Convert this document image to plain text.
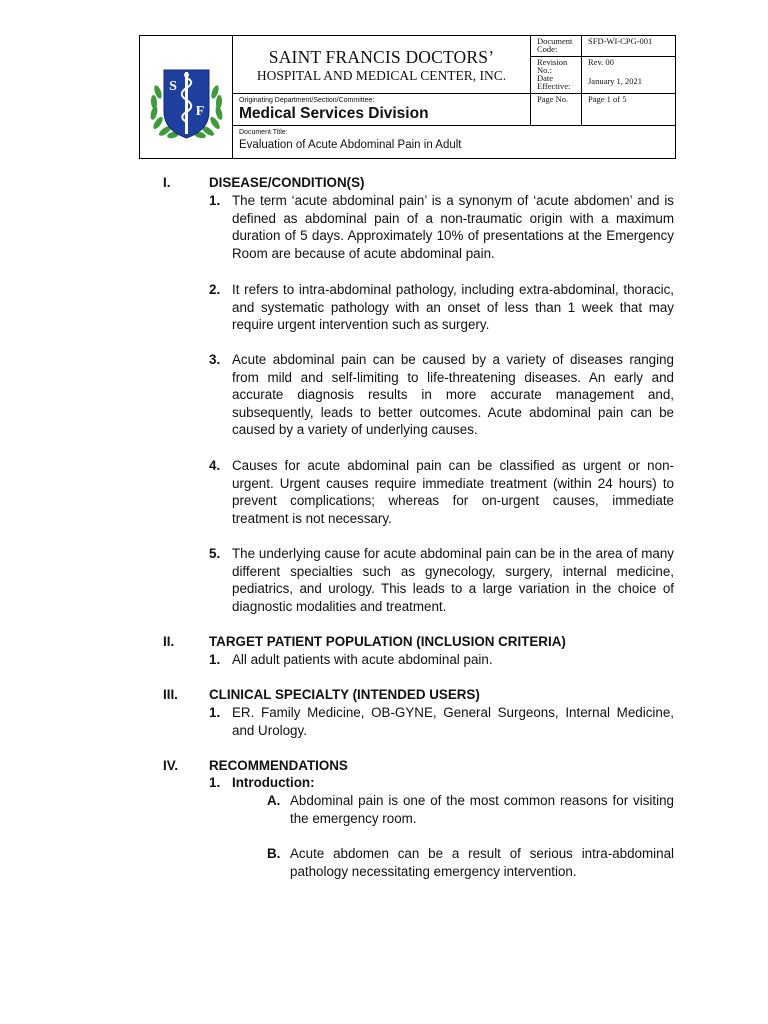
S
F
SAINT FRANCIS DOCTORS’
HOSPITAL AND MEDICAL CENTER, INC.
Originating Department/Section/Committee:
Medical Services Division
Document Title:
Evaluation of Acute Abdominal Pain in Adult
Document Code:
Revision No.:
Date Effective:
Page No.
SFD-WI-CPG-001
Rev. 00
January 1, 2021
Page 1 of 5
I.	DISEASE/CONDITION(S)
1. The term ‘acute abdominal pain’ is a synonym of ‘acute abdomen’ and is defined as abdominal pain of a non-traumatic origin with a maximum duration of 5 days. Approximately 10% of presentations at the Emergency Room are because of acute abdominal pain.
2. It refers to intra-abdominal pathology, including extra-abdominal, thoracic, and systematic pathology with an onset of less than 1 week that may require urgent intervention such as surgery.
3. Acute abdominal pain can be caused by a variety of diseases ranging from mild and self-limiting to life-threatening diseases. An early and accurate diagnosis results in more accurate management and, subsequently, leads to better outcomes. Acute abdominal pain can be caused by a variety of underlying causes.
4. Causes for acute abdominal pain can be classified as urgent or non-urgent. Urgent causes require immediate treatment (within 24 hours) to prevent complications; whereas for on-urgent causes, immediate treatment is not necessary.
5. The underlying cause for acute abdominal pain can be in the area of many different specialties such as gynecology, surgery, internal medicine, pediatrics, and urology. This leads to a large variation in the choice of diagnostic modalities and treatment.
II.	TARGET PATIENT POPULATION (INCLUSION CRITERIA)
1. All adult patients with acute abdominal pain.
III. CLINICAL SPECIALTY (INTENDED USERS)
1. ER. Family Medicine, OB-GYNE, General Surgeons, Internal Medicine, and Urology.
IV. RECOMMENDATIONS
1. Introduction:
A. Abdominal pain is one of the most common reasons for visiting the emergency room.
B. Acute abdomen can be a result of serious intra-abdominal pathology necessitating emergency intervention.
